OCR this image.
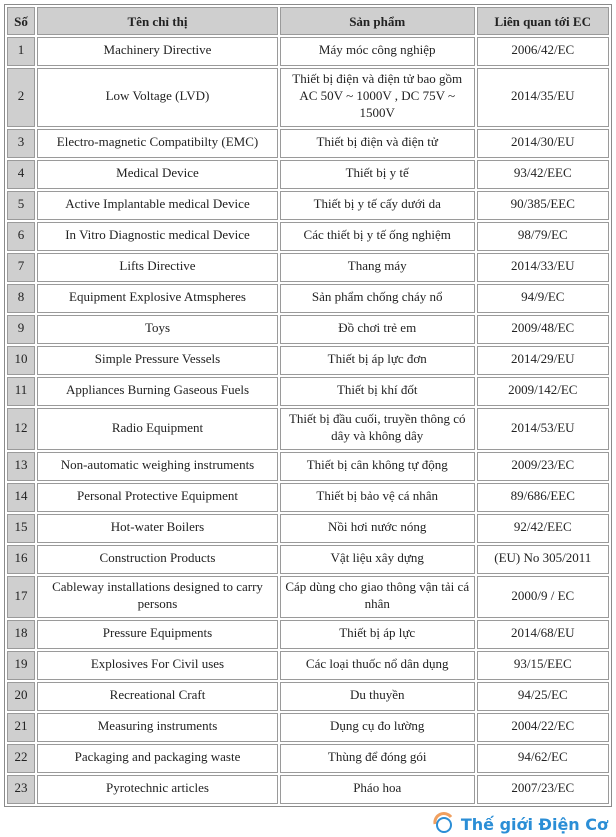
Số	Tên chỉ thị	Sản phẩm	Liên quan tới EC
1	Machinery Directive	Máy móc công nghiệp	2006/42/EC
2	Low Voltage (LVD)	Thiết bị điện và điện tử bao gồm AC 50V ~ 1000V , DC 75V ~ 1500V	2014/35/EU
3	Electro-magnetic Compatibilty (EMC)	Thiết bị điện và điện tử	2014/30/EU
4	Medical Device	Thiết bị y tế	93/42/EEC
5	Active Implantable medical Device	Thiết bị y tế cấy dưới da	90/385/EEC
6	In Vitro Diagnostic medical Device	Các thiết bị y tế ống nghiệm	98/79/EC
7	Lifts Directive	Thang máy	2014/33/EU
8	Equipment Explosive Atmspheres	Sản phẩm chống cháy nổ	94/9/EC
9	Toys	Đồ chơi trẻ em	2009/48/EC
10	Simple Pressure Vessels	Thiết bị áp lực đơn	2014/29/EU
11	Appliances Burning Gaseous Fuels	Thiết bị khí đốt	2009/142/EC
12	Radio Equipment	Thiết bị đầu cuối, truyền thông có dây và không dây	2014/53/EU
13	Non-automatic weighing instruments	Thiết bị cân không tự động	2009/23/EC
14	Personal Protective Equipment	Thiết bị bảo vệ cá nhân	89/686/EEC
15	Hot-water Boilers	Nồi hơi nước nóng	92/42/EEC
16	Construction Products	Vật liệu xây dựng	(EU) No 305/2011
17	Cableway installations designed to carry persons	Cáp dùng cho giao thông vận tải cá nhân	2000/9 / EC
18	Pressure Equipments	Thiết bị áp lực	2014/68/EU
19	Explosives For Civil uses	Các loại thuốc nổ dân dụng	93/15/EEC
20	Recreational Craft	Du thuyền	94/25/EC
21	Measuring instruments	Dụng cụ đo lường	2004/22/EC
22	Packaging and packaging waste	Thùng để đóng gói	94/62/EC
23	Pyrotechnic articles	Pháo hoa	2007/23/EC
Thế giới Điện Cơ
